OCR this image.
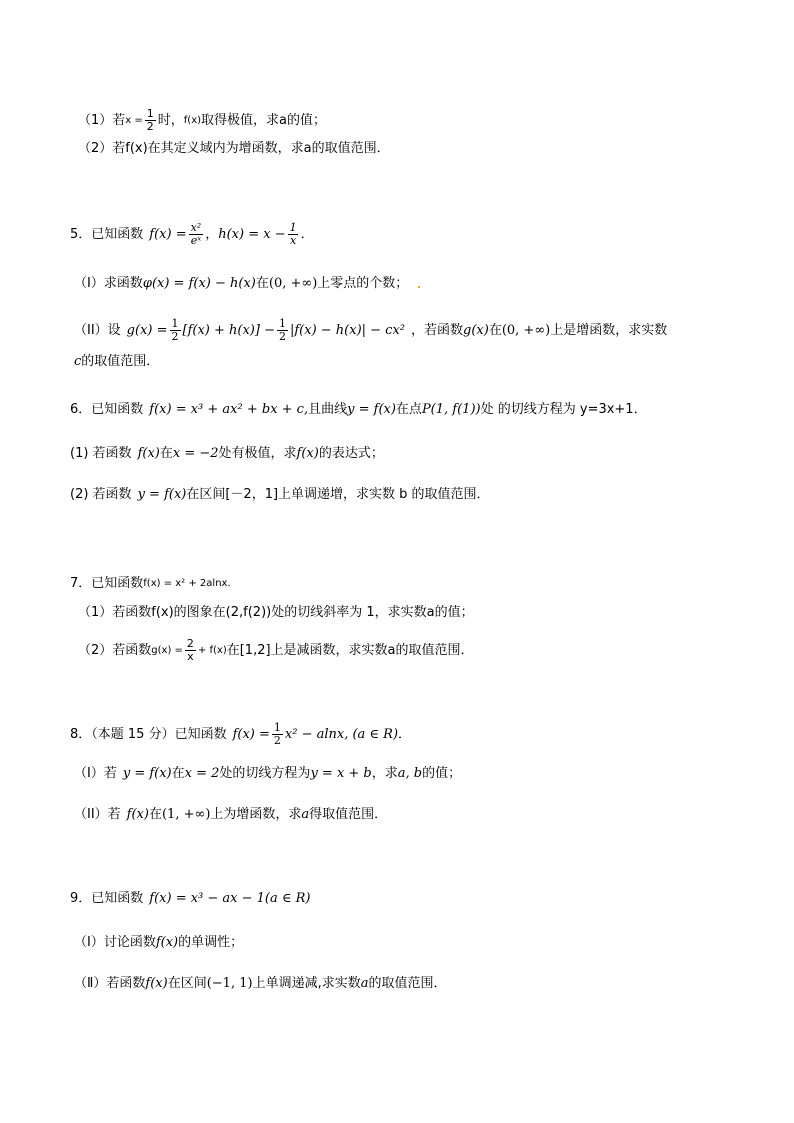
（1）若 $x = \frac{1}{2}$ 时， f(x) 取得极值，求a的值；
（2）若f(x)在其定义域内为增函数，求a的取值范围．
5．已知函数 $f(x) = \frac{\text{x²}}{\text{eˣ}}$ ， $h(x) = x - \frac{1}{x}$ ．
（I）求函数 φ(x) = f(x) − h(x) 在 (0, +∞) 上零点的个数；
（II）设 $g(x) = \frac{1}{2} [f(x) + h(x)] - \frac{1}{2} |f(x) - h(x)| - cx^2$ ，若函数 g(x) 在 (0, +∞) 上是增函数，求实数
c 的取值范围．
6．已知函数 f(x) = x³ + ax² + bx + c, 且曲线 y = f(x) 在点 P(1, f(1)) 处 的切线方程为 y=3x+1．
(1) 若函数 f(x) 在 x = −2 处有极值，求 f(x) 的表达式；
(2) 若函数 y = f(x) 在区间[－2，1]上单调递增，求实数 b 的取值范围．
7．已知函数 f(x) = x² + 2alnx .
（1）若函数f(x)的图象在(2,f(2))处的切线斜率为 1，求实数a的值；
（2）若函数 $g(x) = \frac{2}{x} + f(x)$ 在[1,2]上是减函数，求实数a的取值范围．
8．（本题 15 分）已知函数 $f(x) = \frac{1}{2} x^2 - alnx$, (a ∈ R) ．
（I）若 y = f(x) 在 x = 2 处的切线方程为 y = x + b ，求 a, b 的值；
（II）若 f(x) 在 (1, +∞) 上为增函数，求 a 得取值范围．
9．已知函数 f(x) = x³ − ax − 1(a ∈ R)
（I）讨论函数 f(x) 的单调性；
（Ⅱ）若函数 f(x) 在区间 (−1, 1) 上单调递减,求实数 a 的取值范围．
